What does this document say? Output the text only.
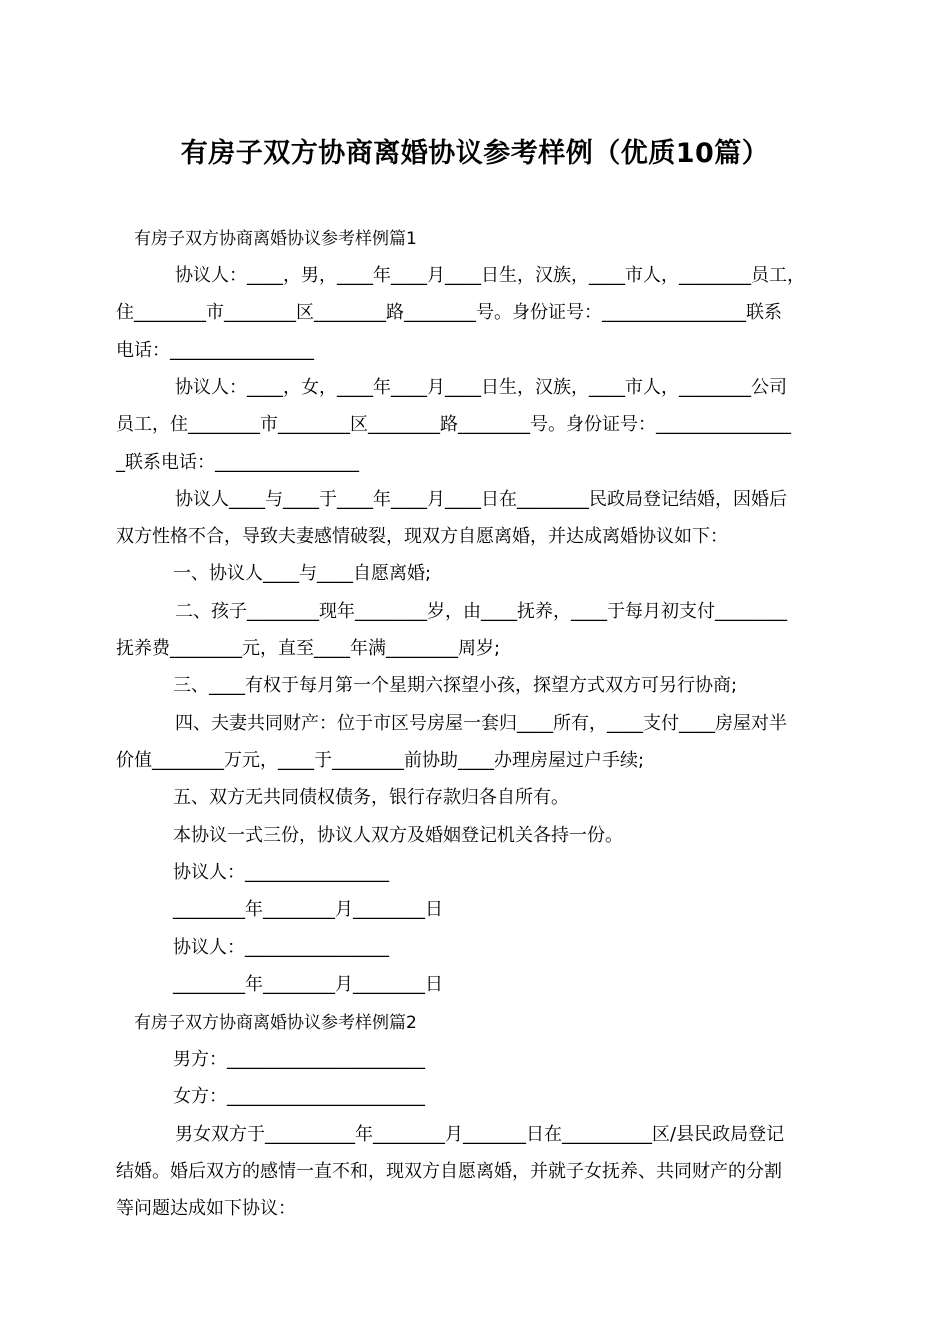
有房子双方协商离婚协议参考样例（优质10篇）
有房子双方协商离婚协议参考样例篇1
协议人：____，男，____年____月____日生，汉族，____市人，________员工，
住________市________区________路________号。身份证号：________________联系
电话：________________
协议人：____，女，____年____月____日生，汉族，____市人，________公司
员工，住________市________区________路________号。身份证号：_______________
_联系电话：________________
协议人____与____于____年____月____日在________民政局登记结婚，因婚后
双方性格不合，导致夫妻感情破裂，现双方自愿离婚，并达成离婚协议如下：
一、协议人____与____自愿离婚;
二、孩子________现年________岁，由____抚养，____于每月初支付________
抚养费________元，直至____年满________周岁;
三、____有权于每月第一个星期六探望小孩，探望方式双方可另行协商;
四、夫妻共同财产：位于市区号房屋一套归____所有，____支付____房屋对半
价值________万元，____于________前协助____办理房屋过户手续;
五、双方无共同债权债务，银行存款归各自所有。
本协议一式三份，协议人双方及婚姻登记机关各持一份。
协议人：________________
________年________月________日
协议人：________________
________年________月________日
有房子双方协商离婚协议参考样例篇2
男方：______________________
女方：______________________
男女双方于__________年________月_______日在__________区/县民政局登记
结婚。婚后双方的感情一直不和，现双方自愿离婚，并就子女抚养、共同财产的分割
等问题达成如下协议：
